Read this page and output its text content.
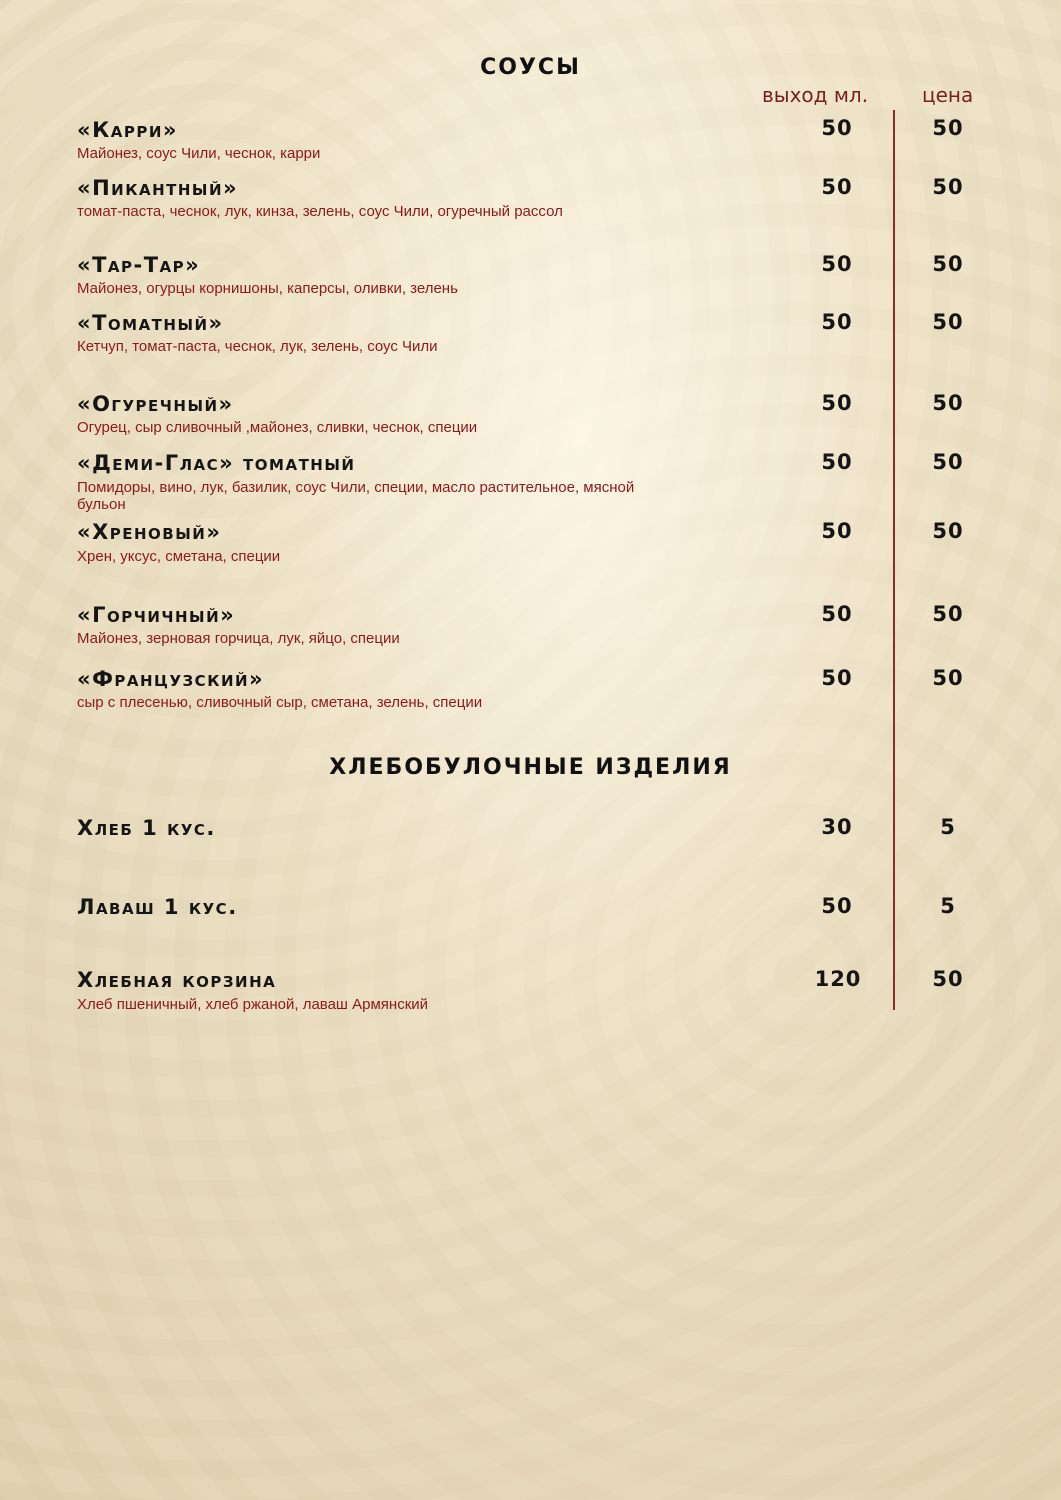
СОУСЫ
выход мл.	цена
«Карри»
Майонез, соус Чили, чеснок, карри
50	50
«Пикантный»
томат-паста, чеснок, лук, кинза, зелень, соус Чили, огуречный рассол
50	50
«Тар-Тар»
Майонез, огурцы корнишоны, каперсы, оливки, зелень
50	50
«Томатный»
Кетчуп, томат-паста, чеснок, лук, зелень, соус Чили
50	50
«Огуречный»
Огурец, сыр сливочный ,майонез, сливки, чеснок, специи
50	50
«Деми-Глас» томатный
Помидоры, вино, лук, базилик, соус Чили, специи, масло растительное, мясной бульон
50	50
«Хреновый»
Хрен, уксус, сметана, специи
50	50
«Горчичный»
Майонез, зерновая горчица, лук, яйцо, специи
50	50
«Французский»
сыр с плесенью, сливочный сыр, сметана, зелень, специи
50	50
ХЛЕБОБУЛОЧНЫЕ ИЗДЕЛИЯ
Хлеб 1 кус.	30	5
Лаваш 1 кус.	50	5
Хлебная корзина
Хлеб пшеничный, хлеб ржаной, лаваш Армянский
120	50
